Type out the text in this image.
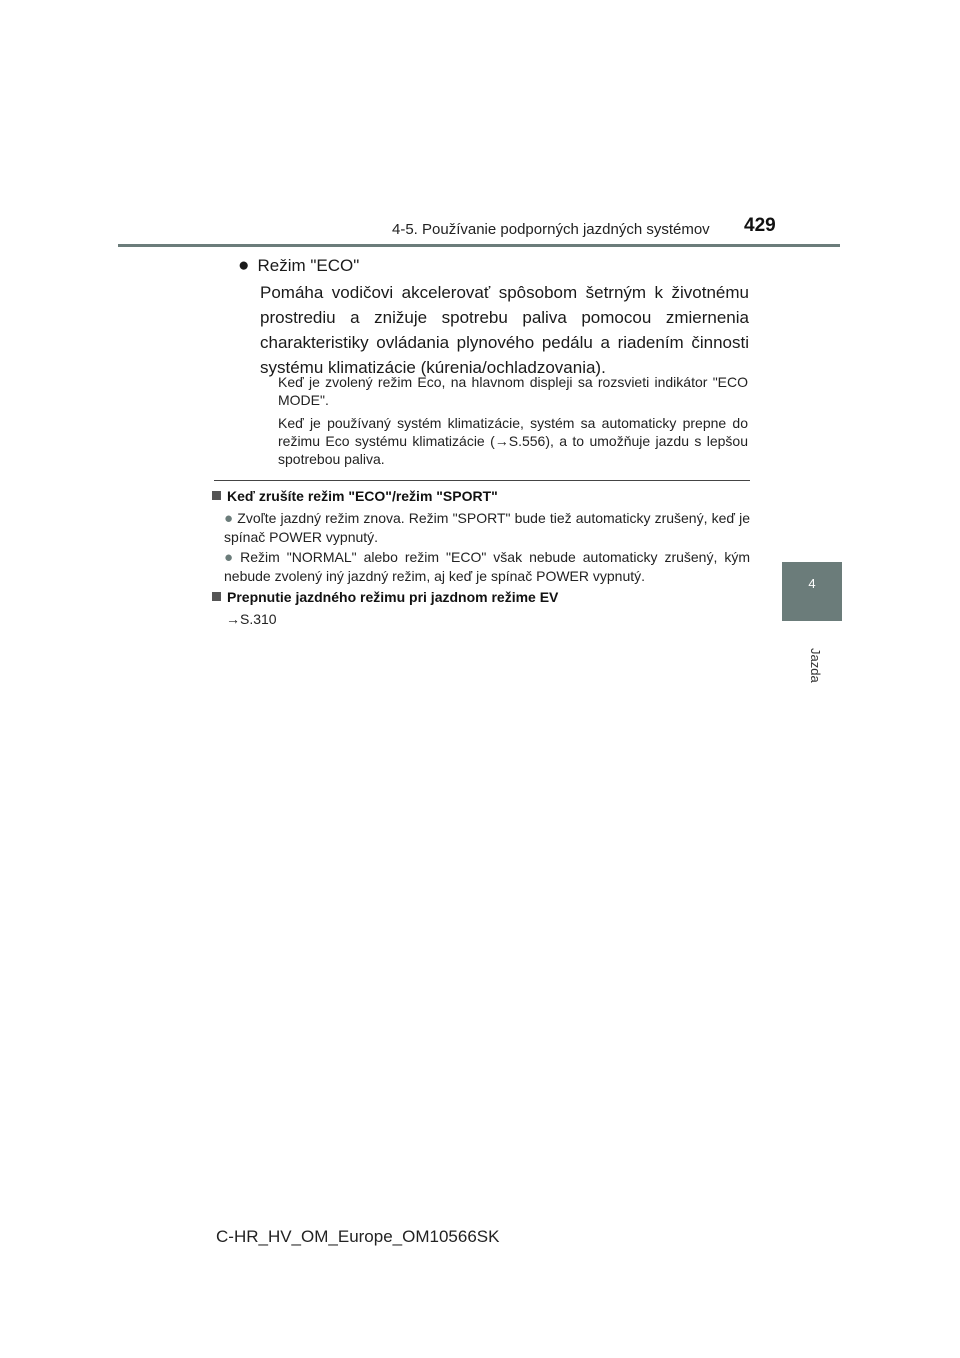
4-5. Používanie podporných jazdných systémov 429
4
Jazda
● Režim "ECO"
Pomáha vodičovi akcelerovať spôsobom šetrným k životnému prostrediu a znižuje spotrebu paliva pomocou zmiernenia charakteristiky ovládania plynového pedálu a riadením činnosti systému klimatizácie (kúrenia/ochladzovania).
Keď je zvolený režim Eco, na hlavnom displeji sa rozsvieti indikátor "ECO MODE".
Keď je používaný systém klimatizácie, systém sa automaticky prepne do režimu Eco systému klimatizácie (→S.556), a to umožňuje jazdu s lepšou spotrebou paliva.
Keď zrušíte režim "ECO"/režim "SPORT"
● Zvoľte jazdný režim znova. Režim "SPORT" bude tiež automaticky zrušený, keď je spínač POWER vypnutý.
● Režim "NORMAL" alebo režim "ECO" však nebude automaticky zrušený, kým nebude zvolený iný jazdný režim, aj keď je spínač POWER vypnutý.
Prepnutie jazdného režimu pri jazdnom režime EV
→S.310
C-HR_HV_OM_Europe_OM10566SK
